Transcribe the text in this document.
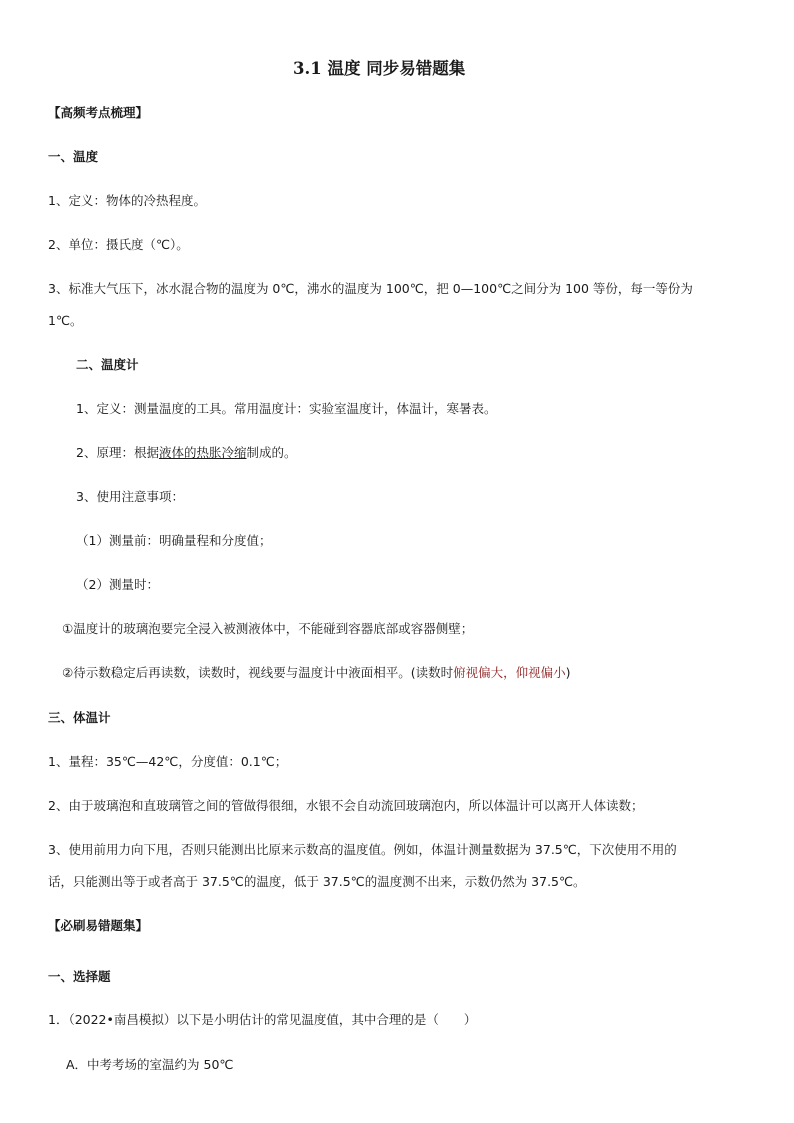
3.1 温度 同步易错题集
【高频考点梳理】
一、温度
1、定义：物体的冷热程度。
2、单位：摄氏度（℃）。
3、标准大气压下，冰水混合物的温度为 0℃，沸水的温度为 100℃，把 0—100℃之间分为 100 等份，每一等份为
1℃。
二、温度计
1、定义：测量温度的工具。常用温度计：实验室温度计，体温计，寒暑表。
2、原理：根据液体的热胀冷缩制成的。
3、使用注意事项：
（1）测量前：明确量程和分度值；
（2）测量时：
①温度计的玻璃泡要完全浸入被测液体中，不能碰到容器底部或容器侧壁；
②待示数稳定后再读数，读数时，视线要与温度计中液面相平。(读数时俯视偏大，仰视偏小)
三、体温计
1、量程：35℃—42℃，分度值：0.1℃；
2、由于玻璃泡和直玻璃管之间的管做得很细，水银不会自动流回玻璃泡内，所以体温计可以离开人体读数；
3、使用前用力向下甩，否则只能测出比原来示数高的温度值。例如，体温计测量数据为 37.5℃，下次使用不用的
话，只能测出等于或者高于 37.5℃的温度，低于 37.5℃的温度测不出来，示数仍然为 37.5℃。
【必刷易错题集】
一、选择题
1．（2022•南昌模拟）以下是小明估计的常见温度值，其中合理的是（　　）
A．中考考场的室温约为 50℃
